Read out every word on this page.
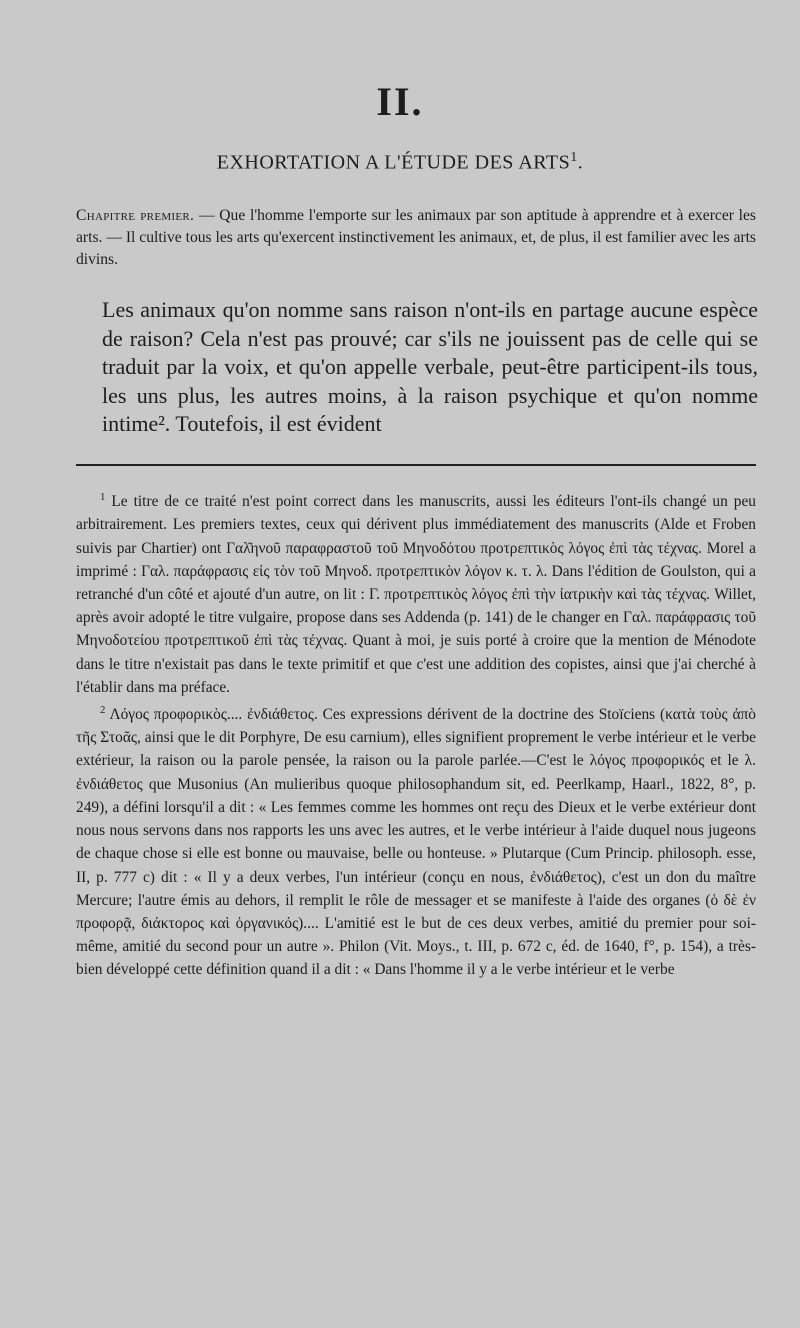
II.
EXHORTATION A L'ÉTUDE DES ARTS$^1$.
Chapitre premier. — Que l'homme l'emporte sur les animaux par son aptitude à apprendre et à exercer les arts. — Il cultive tous les arts qu'exercent instinctivement les animaux, et, de plus, il est familier avec les arts divins.
Les animaux qu'on nomme sans raison n'ont-ils en partage aucune espèce de raison? Cela n'est pas prouvé; car s'ils ne jouissent pas de celle qui se traduit par la voix, et qu'on appelle verbale, peut-être participent-ils tous, les uns plus, les autres moins, à la raison psychique et qu'on nomme intime². Toutefois, il est évident

$^1$ Le titre de ce traité n'est point correct dans les manuscrits, aussi les éditeurs l'ont-ils changé un peu arbitrairement. Les premiers textes, ceux qui dérivent plus immédiatement des manuscrits (Alde et Froben suivis par Chartier) ont Γαλ͂ηνοῦ παραφραστοῦ τοῦ Μηνοδότου προτρεπτικὸς λόγος ἐπὶ τὰς τέχνας. Morel a imprimé : Γαλ. παράφρασις εἰς τὸν τοῦ Μηνοδ. προτρεπτικὸν λόγον κ. τ. λ. Dans l'édition de Goulston, qui a retranché d'un côté et ajouté d'un autre, on lit : Γ. προτρεπτικὸς λόγος ἐπὶ τὴν ἰατρικὴν καὶ τὰς τέχνας. Willet, après avoir adopté le titre vulgaire, propose dans ses Addenda (p. 141) de le changer en Γαλ. παράφρασις τοῦ Μηνοδοτείου προτρεπτικοῦ ἐπὶ τὰς τέχνας. Quant à moi, je suis porté à croire que la mention de Ménodote dans le titre n'existait pas dans le texte primitif et que c'est une addition des copistes, ainsi que j'ai cherché à l'établir dans ma préface.

$^2$ Λόγος προφορικὸς.... ἐνδιάθετος. Ces expressions dérivent de la doctrine des Stoïciens (κατὰ τοὺς ἀπὸ τῆς Στοᾶς, ainsi que le dit Porphyre, De esu carnium), elles signifient proprement le verbe intérieur et le verbe extérieur, la raison ou la parole pensée, la raison ou la parole parlée.—C'est le λόγος προφορικός et le λ. ἐνδιάθετος que Musonius (An mulieribus quoque philosophandum sit, ed. Peerlkamp, Haarl., 1822, 8°, p. 249), a défini lorsqu'il a dit : « Les femmes comme les hommes ont reçu des Dieux et le verbe extérieur dont nous nous servons dans nos rapports les uns avec les autres, et le verbe intérieur à l'aide duquel nous jugeons de chaque chose si elle est bonne ou mauvaise, belle ou honteuse. » Plutarque (Cum Princip. philosoph. esse, II, p. 777 c) dit : « Il y a deux verbes, l'un intérieur (conçu en nous, ἐνδιάθετος), c'est un don du maître Mercure; l'autre émis au dehors, il remplit le rôle de messager et se manifeste à l'aide des organes (ὁ δὲ ἐν προφορᾷ, διάκτορος καὶ ὀργανικός).... L'amitié est le but de ces deux verbes, amitié du premier pour soi-même, amitié du second pour un autre ». Philon (Vit. Moys., t. III, p. 672 c, éd. de 1640, f°, p. 154), a très-bien développé cette définition quand il a dit : « Dans l'homme il y a le verbe intérieur et le verbe
